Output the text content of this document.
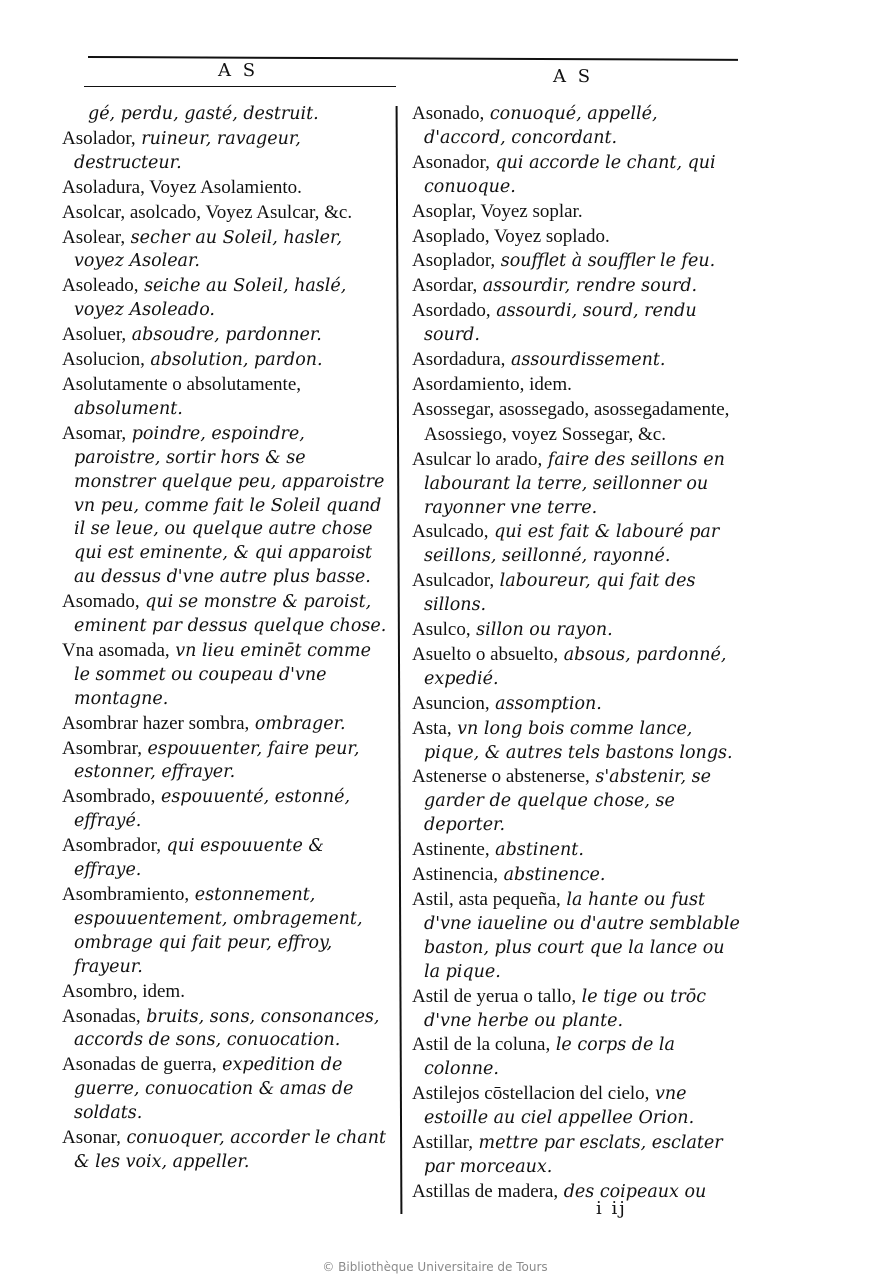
A S	A S

gé, perdu, gasté, destruit.

Asolador, ruineur, ravageur, destructeur.

Asoladura, Voyez Asolamiento.

Asolcar, asolcado, Voyez Asulcar, &c.

Asolear, secher au Soleil, hasler, voyez Asolear.

Asoleado, seiche au Soleil, haslé, voyez Asoleado.

Asoluer, absoudre, pardonner.

Asolucion, absolution, pardon.

Asolutamente o absolutamente, absolument.

Asomar, poindre, espoindre, paroistre, sortir hors & se monstrer quelque peu, apparoistre vn peu, comme fait le Soleil quand il se leue, ou quelque autre chose qui est eminente, & qui apparoist au dessus d'vne autre plus basse.

Asomado, qui se monstre & paroist, eminent par dessus quelque chose.

Vna asomada, vn lieu eminēt comme le sommet ou coupeau d'vne montagne.

Asombrar hazer sombra, ombrager.

Asombrar, espouuenter, faire peur, estonner, effrayer.

Asombrado, espouuenté, estonné, effrayé.

Asombrador, qui espouuente & effraye.

Asombramiento, estonnement, espouuentement, ombragement, ombrage qui fait peur, effroy, frayeur.

Asombro, idem.

Asonadas, bruits, sons, consonances, accords de sons, conuocation.

Asonadas de guerra, expedition de guerre, conuocation & amas de soldats.

Asonar, conuoquer, accorder le chant & les voix, appeller.

Asonado, conuoqué, appellé, d'accord, concordant.

Asonador, qui accorde le chant, qui conuoque.

Asoplar, Voyez soplar.

Asoplado, Voyez soplado.

Asoplador, soufflet à souffler le feu.

Asordar, assourdir, rendre sourd.

Asordado, assourdi, sourd, rendu sourd.

Asordadura, assourdissement.

Asordamiento, idem.

Asossegar, asossegado, asossegadamente, Asossiego, voyez Sossegar, &c.

Asulcar lo arado, faire des seillons en labourant la terre, seillonner ou rayonner vne terre.

Asulcado, qui est fait & labouré par seillons, seillonné, rayonné.

Asulcador, laboureur, qui fait des sillons.

Asulco, sillon ou rayon.

Asuelto o absuelto, absous, pardonné, expedié.

Asuncion, assomption.

Asta, vn long bois comme lance, pique, & autres tels bastons longs.

Astenerse o abstenerse, s'abstenir, se garder de quelque chose, se deporter.

Astinente, abstinent.

Astinencia, abstinence.

Astil, asta pequeña, la hante ou fust d'vne iaueline ou d'autre semblable baston, plus court que la lance ou la pique.

Astil de yerua o tallo, le tige ou trōc d'vne herbe ou plante.

Astil de la coluna, le corps de la colonne.

Astilejos cōstellacion del cielo, vne estoille au ciel appellee Orion.

Astillar, mettre par esclats, esclater par morceaux.

Astillas de madera, des coipeaux ou

i ij
© Bibliothèque Universitaire de Tours
